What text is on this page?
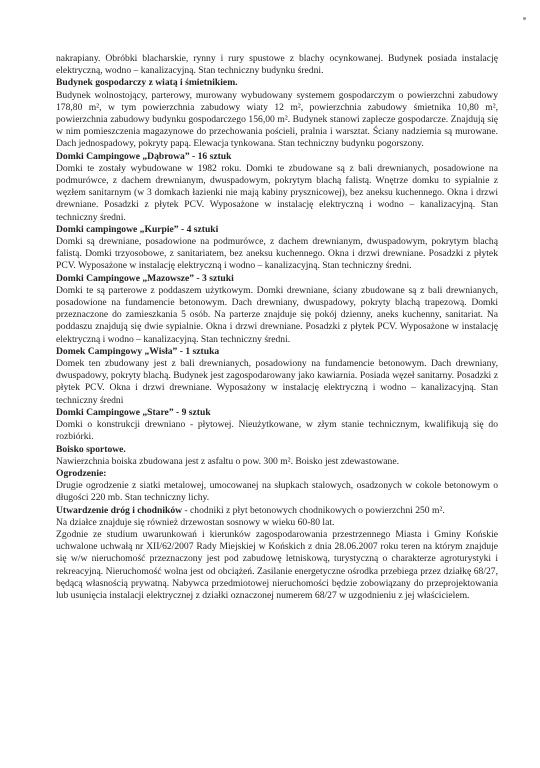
nakrapiany. Obróbki blacharskie, rynny i rury spustowe z blachy ocynkowanej. Budynek posiada instalację elektryczną, wodno – kanalizacyjną. Stan techniczny budynku średni.

Budynek gospodarczy z wiatą i śmietnikiem.

Budynek wolnostojący, parterowy, murowany wybudowany systemem gospodarczym o powierzchni zabudowy 178,80 m², w tym powierzchnia zabudowy wiaty 12 m², powierzchnia zabudowy śmietnika 10,80 m², powierzchnia zabudowy budynku gospodarczego 156,00 m². Budynek stanowi zaplecze gospodarcze. Znajdują się w nim pomieszczenia magazynowe do przechowania pościeli, pralnia i warsztat. Ściany nadziemia są murowane. Dach jednospadowy, pokryty papą. Elewacja tynkowana. Stan techniczny budynku pogorszony.

Domki Campingowe „Dąbrowa” - 16 sztuk

Domki te zostały wybudowane w 1982 roku. Domki te zbudowane są z bali drewnianych, posadowione na podmurówce, z dachem drewnianym, dwuspadowym, pokrytym blachą falistą. Wnętrze domku to sypialnie z węzłem sanitarnym (w 3 domkach łazienki nie mają kabiny prysznicowej), bez aneksu kuchennego. Okna i drzwi drewniane. Posadzki z płytek PCV. Wyposażone w instalację elektryczną i wodno – kanalizacyjną. Stan techniczny średni.

Domki campingowe „Kurpie” - 4 sztuki

Domki są drewniane, posadowione na podmurówce, z dachem drewnianym, dwuspadowym, pokrytym blachą falistą. Domki trzyosobowe, z sanitariatem, bez aneksu kuchennego. Okna i drzwi drewniane. Posadzki z płytek PCV. Wyposażone w instalację elektryczną i wodno – kanalizacyjną. Stan techniczny średni.

Domki Campingowe „Mazowsze” - 3 sztuki

Domki te są parterowe z poddaszem użytkowym. Domki drewniane, ściany zbudowane są z bali drewnianych, posadowione na fundamencie betonowym. Dach drewniany, dwuspadowy, pokryty blachą trapezową. Domki przeznaczone do zamieszkania 5 osób. Na parterze znajduje się pokój dzienny, aneks kuchenny, sanitariat. Na poddaszu znajdują się dwie sypialnie. Okna i drzwi drewniane. Posadzki z płytek PCV. Wyposażone w instalację elektryczną i wodno – kanalizacyjną. Stan techniczny średni.

Domek Campingowy „Wisła” - 1 sztuka

Domek ten zbudowany jest z bali drewnianych, posadowiony na fundamencie betonowym. Dach drewniany, dwuspadowy, pokryty blachą. Budynek jest zagospodarowany jako kawiarnia. Posiada węzeł sanitarny. Posadzki z płytek PCV. Okna i drzwi drewniane. Wyposażony w instalację elektryczną i wodno – kanalizacyjną. Stan techniczny średni

Domki Campingowe „Stare” - 9 sztuk

Domki o konstrukcji drewniano - płytowej. Nieużytkowane, w złym stanie technicznym, kwalifikują się do rozbiórki.

Boisko sportowe.

Nawierzchnia boiska zbudowana jest z asfaltu o pow. 300 m². Boisko jest zdewastowane.

Ogrodzenie:

Drugie ogrodzenie z siatki metalowej, umocowanej na słupkach stalowych, osadzonych w cokole betonowym o długości 220 mb. Stan techniczny lichy.

Utwardzenie dróg i chodników - chodniki z płyt betonowych chodnikowych o powierzchni 250 m².

Na działce znajduje się również drzewostan sosnowy w wieku 60-80 lat.

Zgodnie ze studium uwarunkowań i kierunków zagospodarowania przestrzennego Miasta i Gminy Końskie uchwalone uchwałą nr XII/62/2007 Rady Miejskiej w Końskich z dnia 28.06.2007 roku teren na którym znajduje się w/w nieruchomość przeznaczony jest pod zabudowę letniskową, turystyczną o charakterze agroturystyki i rekreacyjną. Nieruchomość wolna jest od obciążeń. Zasilanie energetyczne ośrodka przebiega przez działkę 68/27, będącą własnością prywatną. Nabywca przedmiotowej nieruchomości będzie zobowiązany do przeprojektowania lub usunięcia instalacji elektrycznej z działki oznaczonej numerem 68/27 w uzgodnieniu z jej właścicielem.
